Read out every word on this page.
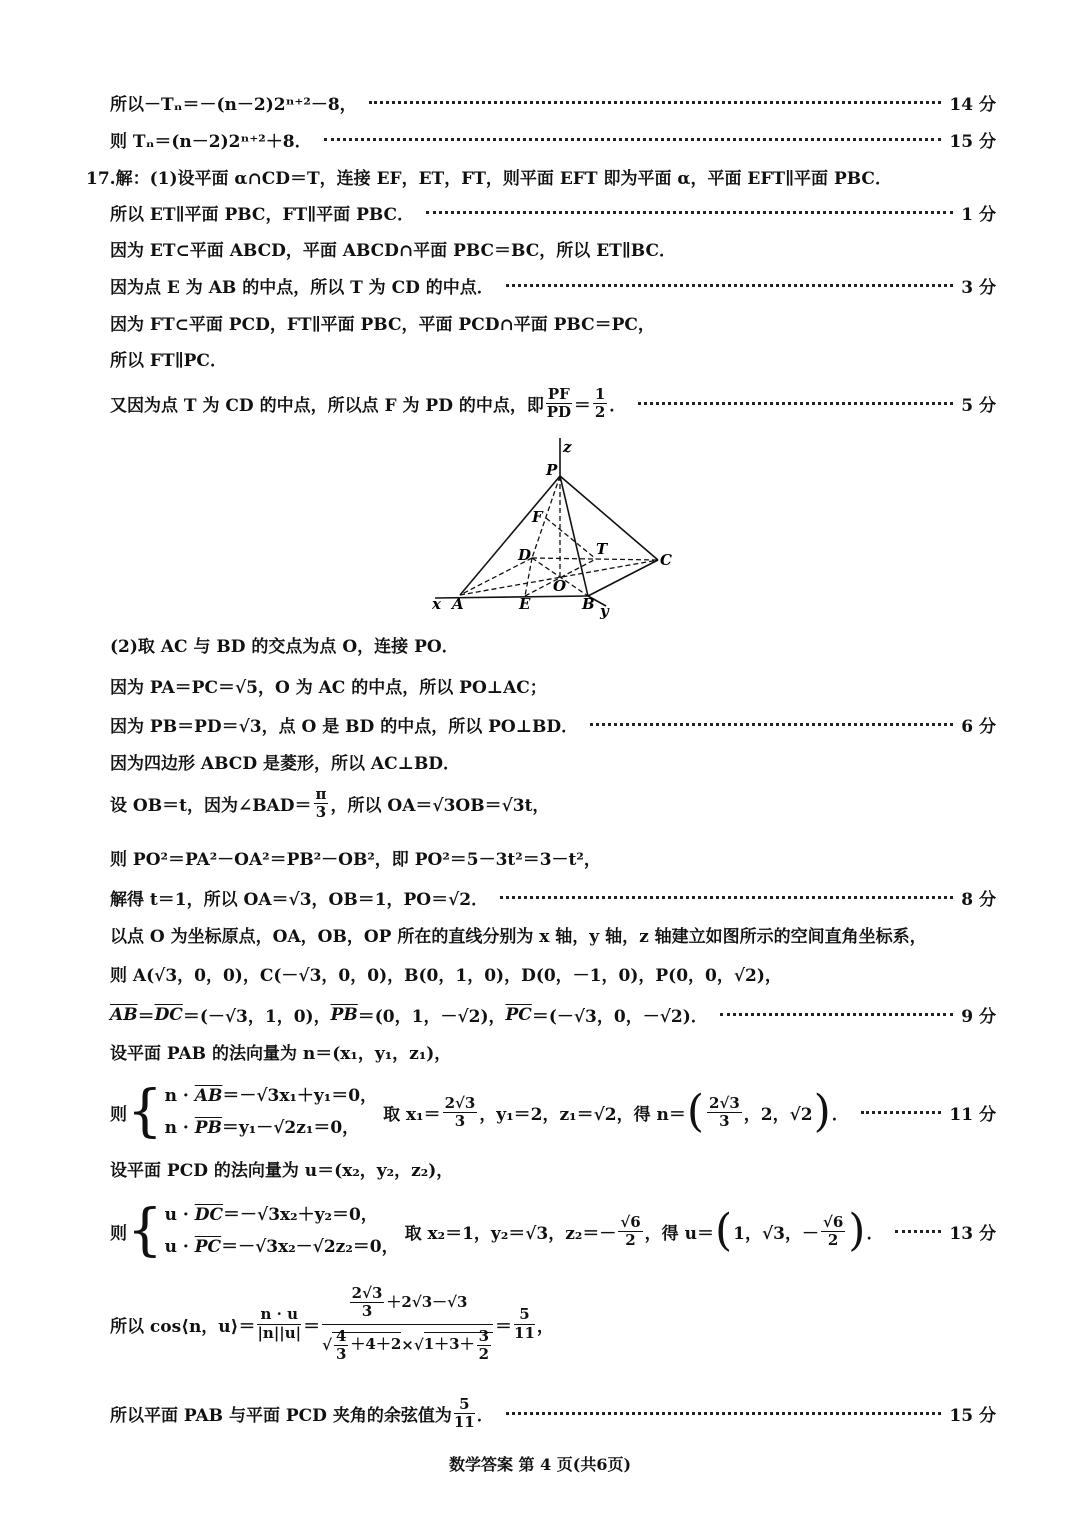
所以－Tₙ＝－(n－2)2ⁿ⁺²－8，	14 分
则 Tₙ＝(n－2)2ⁿ⁺²＋8．	15 分
17.解：(1)设平面 α∩CD＝T，连接 EF，ET，FT，则平面 EFT 即为平面 α，平面 EFT∥平面 PBC．
所以 ET∥平面 PBC，FT∥平面 PBC．	1 分
因为 ET⊂平面 ABCD，平面 ABCD∩平面 PBC＝BC，所以 ET∥BC．
因为点 E 为 AB 的中点，所以 T 为 CD 的中点．	3 分
因为 FT⊂平面 PCD，FT∥平面 PBC，平面 PCD∩平面 PBC＝PC，
所以 FT∥PC．
又因为点 T 为 CD 的中点，所以点 F 为 PD 的中点，即 $\frac{PF}{PD} = \frac{1}{2}$ ．	5 分
z
P
F
D	T
C
O
x A	E	B y
(2)取 AC 与 BD 的交点为点 O，连接 PO．
因为 PA＝PC＝√5，O 为 AC 的中点，所以 PO⊥AC；
因为 PB＝PD＝√3，点 O 是 BD 的中点，所以 PO⊥BD．	6 分
因为四边形 ABCD 是菱形，所以 AC⊥BD．
设 OB＝t，因为∠BAD＝ $\frac{\pi}{3}$ ，所以 OA＝√3OB＝√3t，
则 PO²＝PA²－OA²＝PB²－OB²，即 PO²＝5－3t²＝3－t²，
解得 t＝1，所以 OA＝√3，OB＝1，PO＝√2．	8 分
以点 O 为坐标原点，OA，OB，OP 所在的直线分别为 x 轴，y 轴，z 轴建立如图所示的空间直角坐标系，
则 A(√3，0，0)，C(－√3，0，0)，B(0，1，0)，D(0，－1，0)，P(0，0，√2)，
$\overline{AB} = \overline{DC} =(-√3$，1，0)， $\overline{PB} =(0$，1，－√2)， $\overline{PC} =(-√3$，0，－√2)．	9 分
设平面 PAB 的法向量为 n＝(x₁，y₁，z₁)，
则 { $n \cdot \overline{AB}=-√3x_1+y_1=0$，
$n \cdot \overline{PB}=y_1-√2z_1=0$，
取 $x_1= \frac{2√3}{3}$ ，y₁＝2，z₁＝√2，得 n＝ ( $\frac{2√3}{3}$ ，2，√2 ) ．	11 分
设平面 PCD 的法向量为 u＝(x₂，y₂，z₂)，
则 { $u \cdot \overline{DC}=-√3x_2+y_2=0$，
$u \cdot \overline{PC}=-√3x_2-√2z_2=0$，
取 x₂＝1，y₂＝√3，$z_2=- \frac{√6}{2}$ ，得 u＝ ( 1，√3，－ $\frac{√6}{2}$ ) ．	13 分
所以 cos⟨n，u⟩＝ $\frac{n \cdot u}{|n||u|} = \frac{\frac{2√3}{3} +2√3-√3}{√ \frac{4}{3} +4+2\times√1+3+ \frac{3}{2}} = \frac{5}{11}$ ，
所以平面 PAB 与平面 PCD 夹角的余弦值为 $\frac{5}{11}$ ．	15 分
数学答案 第 4 页(共6页)
